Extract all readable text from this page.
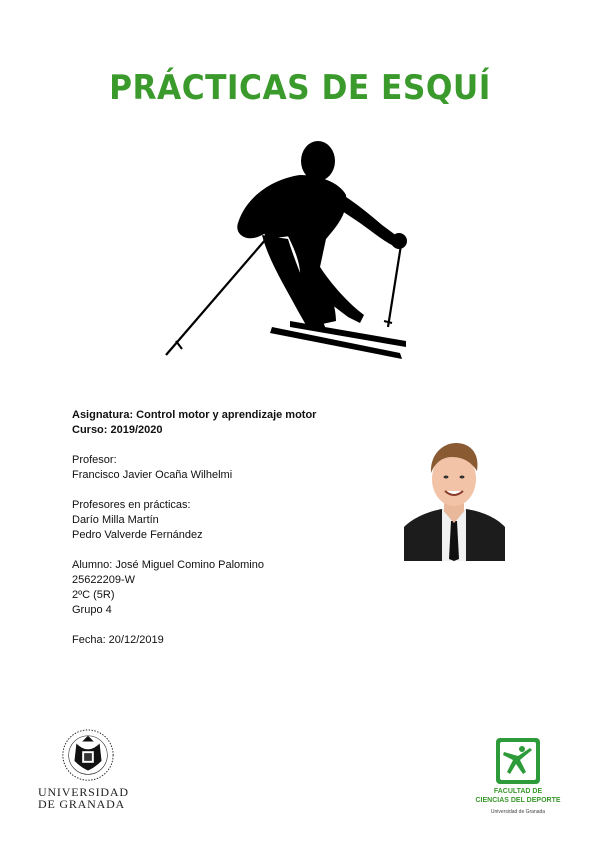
PRÁCTICAS DE ESQUÍ
Asignatura: Control motor y aprendizaje motor
Curso: 2019/2020
Profesor:
Francisco Javier Ocaña Wilhelmi
Profesores en prácticas:
Darío Milla Martín
Pedro Valverde Fernández
Alumno: José Miguel Comino Palomino
25622209-W
2ºC (5R)
Grupo 4
Fecha: 20/12/2019
UNIVERSIDAD
DE GRANADA
FACULTAD DE
CIENCIAS DEL DEPORTE
Universidad de Granada
